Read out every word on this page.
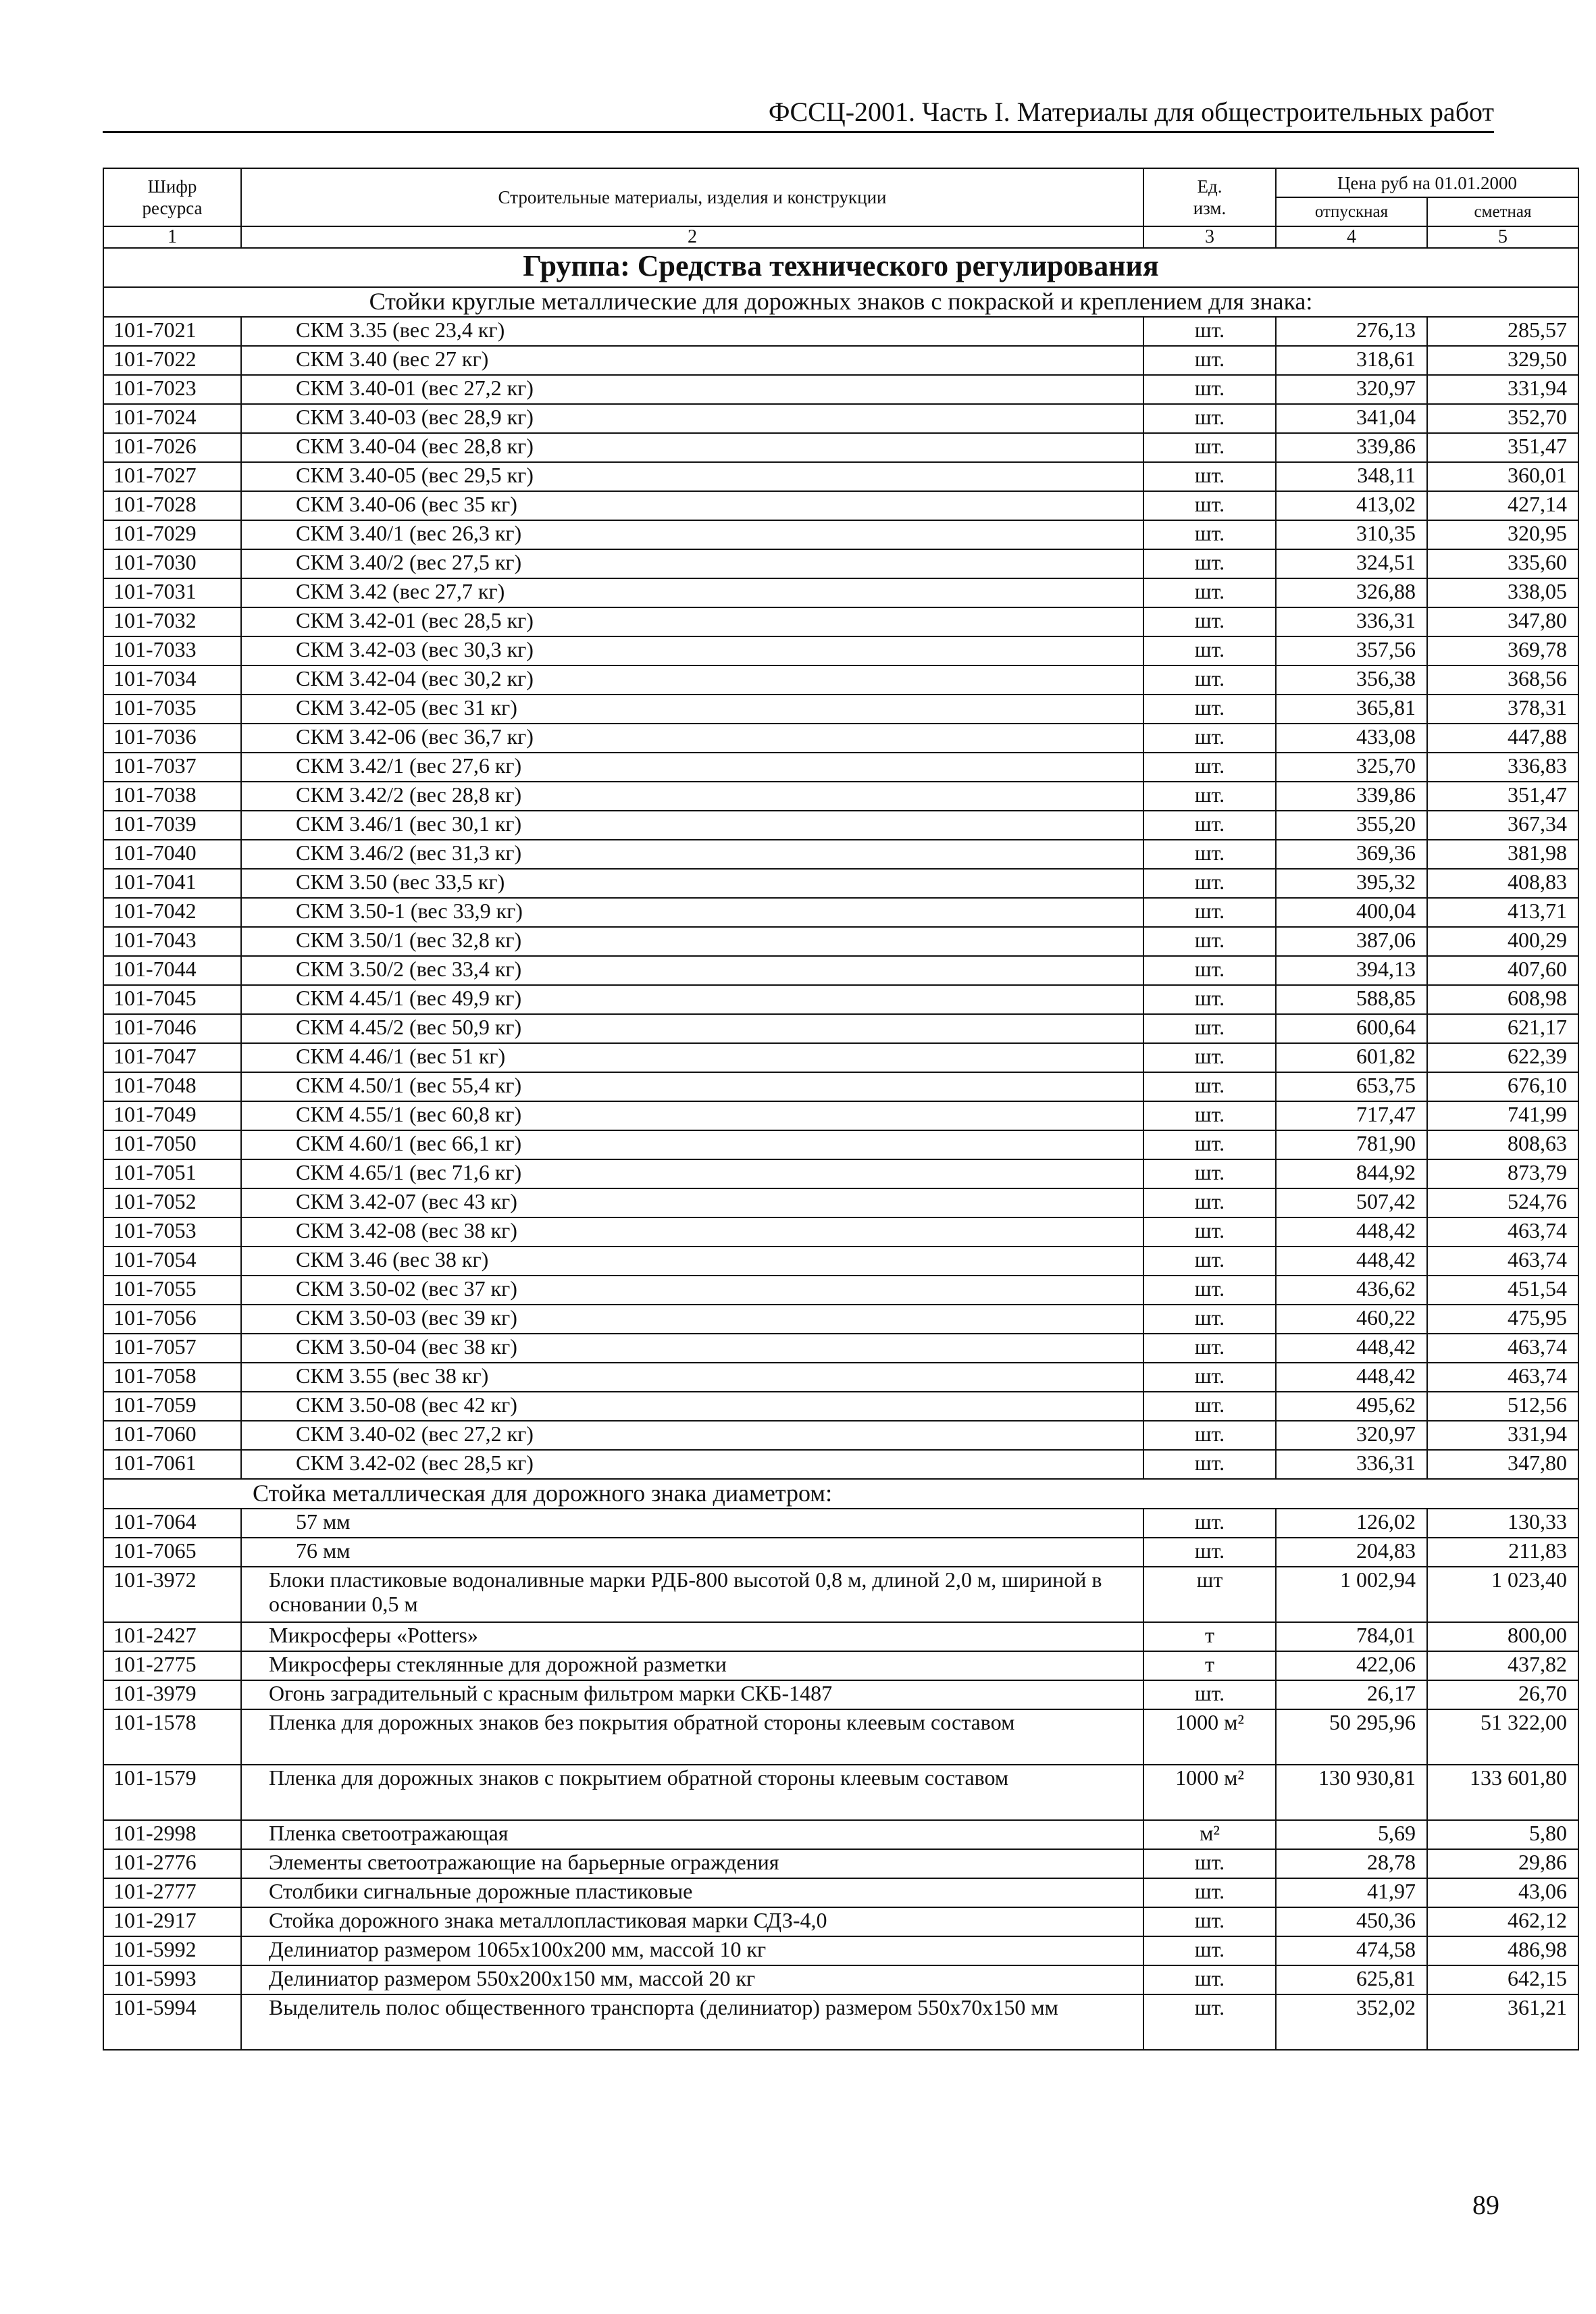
ФССЦ-2001. Часть I. Материалы для общестроительных работ
Шифр
ресурса	Строительные материалы, изделия и конструкции	Ед.
изм.	Цена руб на 01.01.2000	
			отпускная	сметная
1	2	3	4	5
Группа: Средства технического регулирования				
Стойки круглые металлические для дорожных знаков с покраской и креплением для знака:				
101-7021	СКМ 3.35 (вес 23,4 кг)	шт.	276,13	285,57
101-7022	СКМ 3.40 (вес 27 кг)	шт.	318,61	329,50
101-7023	СКМ 3.40-01 (вес 27,2 кг)	шт.	320,97	331,94
101-7024	СКМ 3.40-03 (вес 28,9 кг)	шт.	341,04	352,70
101-7026	СКМ 3.40-04 (вес 28,8 кг)	шт.	339,86	351,47
101-7027	СКМ 3.40-05 (вес 29,5 кг)	шт.	348,11	360,01
101-7028	СКМ 3.40-06 (вес 35 кг)	шт.	413,02	427,14
101-7029	СКМ 3.40/1 (вес 26,3 кг)	шт.	310,35	320,95
101-7030	СКМ 3.40/2 (вес 27,5 кг)	шт.	324,51	335,60
101-7031	СКМ 3.42 (вес 27,7 кг)	шт.	326,88	338,05
101-7032	СКМ 3.42-01 (вес 28,5 кг)	шт.	336,31	347,80
101-7033	СКМ 3.42-03 (вес 30,3 кг)	шт.	357,56	369,78
101-7034	СКМ 3.42-04 (вес 30,2 кг)	шт.	356,38	368,56
101-7035	СКМ 3.42-05 (вес 31 кг)	шт.	365,81	378,31
101-7036	СКМ 3.42-06 (вес 36,7 кг)	шт.	433,08	447,88
101-7037	СКМ 3.42/1 (вес 27,6 кг)	шт.	325,70	336,83
101-7038	СКМ 3.42/2 (вес 28,8 кг)	шт.	339,86	351,47
101-7039	СКМ 3.46/1 (вес 30,1 кг)	шт.	355,20	367,34
101-7040	СКМ 3.46/2 (вес 31,3 кг)	шт.	369,36	381,98
101-7041	СКМ 3.50 (вес 33,5 кг)	шт.	395,32	408,83
101-7042	СКМ 3.50-1 (вес 33,9 кг)	шт.	400,04	413,71
101-7043	СКМ 3.50/1 (вес 32,8 кг)	шт.	387,06	400,29
101-7044	СКМ 3.50/2 (вес 33,4 кг)	шт.	394,13	407,60
101-7045	СКМ 4.45/1 (вес 49,9 кг)	шт.	588,85	608,98
101-7046	СКМ 4.45/2 (вес 50,9 кг)	шт.	600,64	621,17
101-7047	СКМ 4.46/1 (вес 51 кг)	шт.	601,82	622,39
101-7048	СКМ 4.50/1 (вес 55,4 кг)	шт.	653,75	676,10
101-7049	СКМ 4.55/1 (вес 60,8 кг)	шт.	717,47	741,99
101-7050	СКМ 4.60/1 (вес 66,1 кг)	шт.	781,90	808,63
101-7051	СКМ 4.65/1 (вес 71,6 кг)	шт.	844,92	873,79
101-7052	СКМ 3.42-07 (вес 43 кг)	шт.	507,42	524,76
101-7053	СКМ 3.42-08 (вес 38 кг)	шт.	448,42	463,74
101-7054	СКМ 3.46 (вес 38 кг)	шт.	448,42	463,74
101-7055	СКМ 3.50-02 (вес 37 кг)	шт.	436,62	451,54
101-7056	СКМ 3.50-03 (вес 39 кг)	шт.	460,22	475,95
101-7057	СКМ 3.50-04 (вес 38 кг)	шт.	448,42	463,74
101-7058	СКМ 3.55 (вес 38 кг)	шт.	448,42	463,74
101-7059	СКМ 3.50-08 (вес 42 кг)	шт.	495,62	512,56
101-7060	СКМ 3.40-02 (вес 27,2 кг)	шт.	320,97	331,94
101-7061	СКМ 3.42-02 (вес 28,5 кг)	шт.	336,31	347,80
Стойка металлическая для дорожного знака диаметром:				
101-7064	57 мм	шт.	126,02	130,33
101-7065	76 мм	шт.	204,83	211,83
101-3972	Блоки пластиковые водоналивные марки РДБ-800 высотой 0,8 м, длиной 2,0 м, шириной в основании 0,5 м	шт	1 002,94	1 023,40
101-2427	Микросферы «Potters»	т	784,01	800,00
101-2775	Микросферы стеклянные для дорожной разметки	т	422,06	437,82
101-3979	Огонь заградительный с красным фильтром марки СКБ-1487	шт.	26,17	26,70
101-1578	Пленка для дорожных знаков без покрытия обратной стороны клеевым составом	1000 м²	50 295,96	51 322,00
101-1579	Пленка для дорожных знаков с покрытием обратной стороны клеевым составом	1000 м²	130 930,81	133 601,80
101-2998	Пленка светоотражающая	м²	5,69	5,80
101-2776	Элементы светоотражающие на барьерные ограждения	шт.	28,78	29,86
101-2777	Столбики сигнальные дорожные пластиковые	шт.	41,97	43,06
101-2917	Стойка дорожного знака металлопластиковая марки СДЗ-4,0	шт.	450,36	462,12
101-5992	Делиниатор размером 1065х100х200 мм, массой 10 кг	шт.	474,58	486,98
101-5993	Делиниатор размером 550х200х150 мм, массой 20 кг	шт.	625,81	642,15
101-5994	Выделитель полос общественного транспорта (делиниатор) размером 550х70х150 мм	шт.	352,02	361,21
89
